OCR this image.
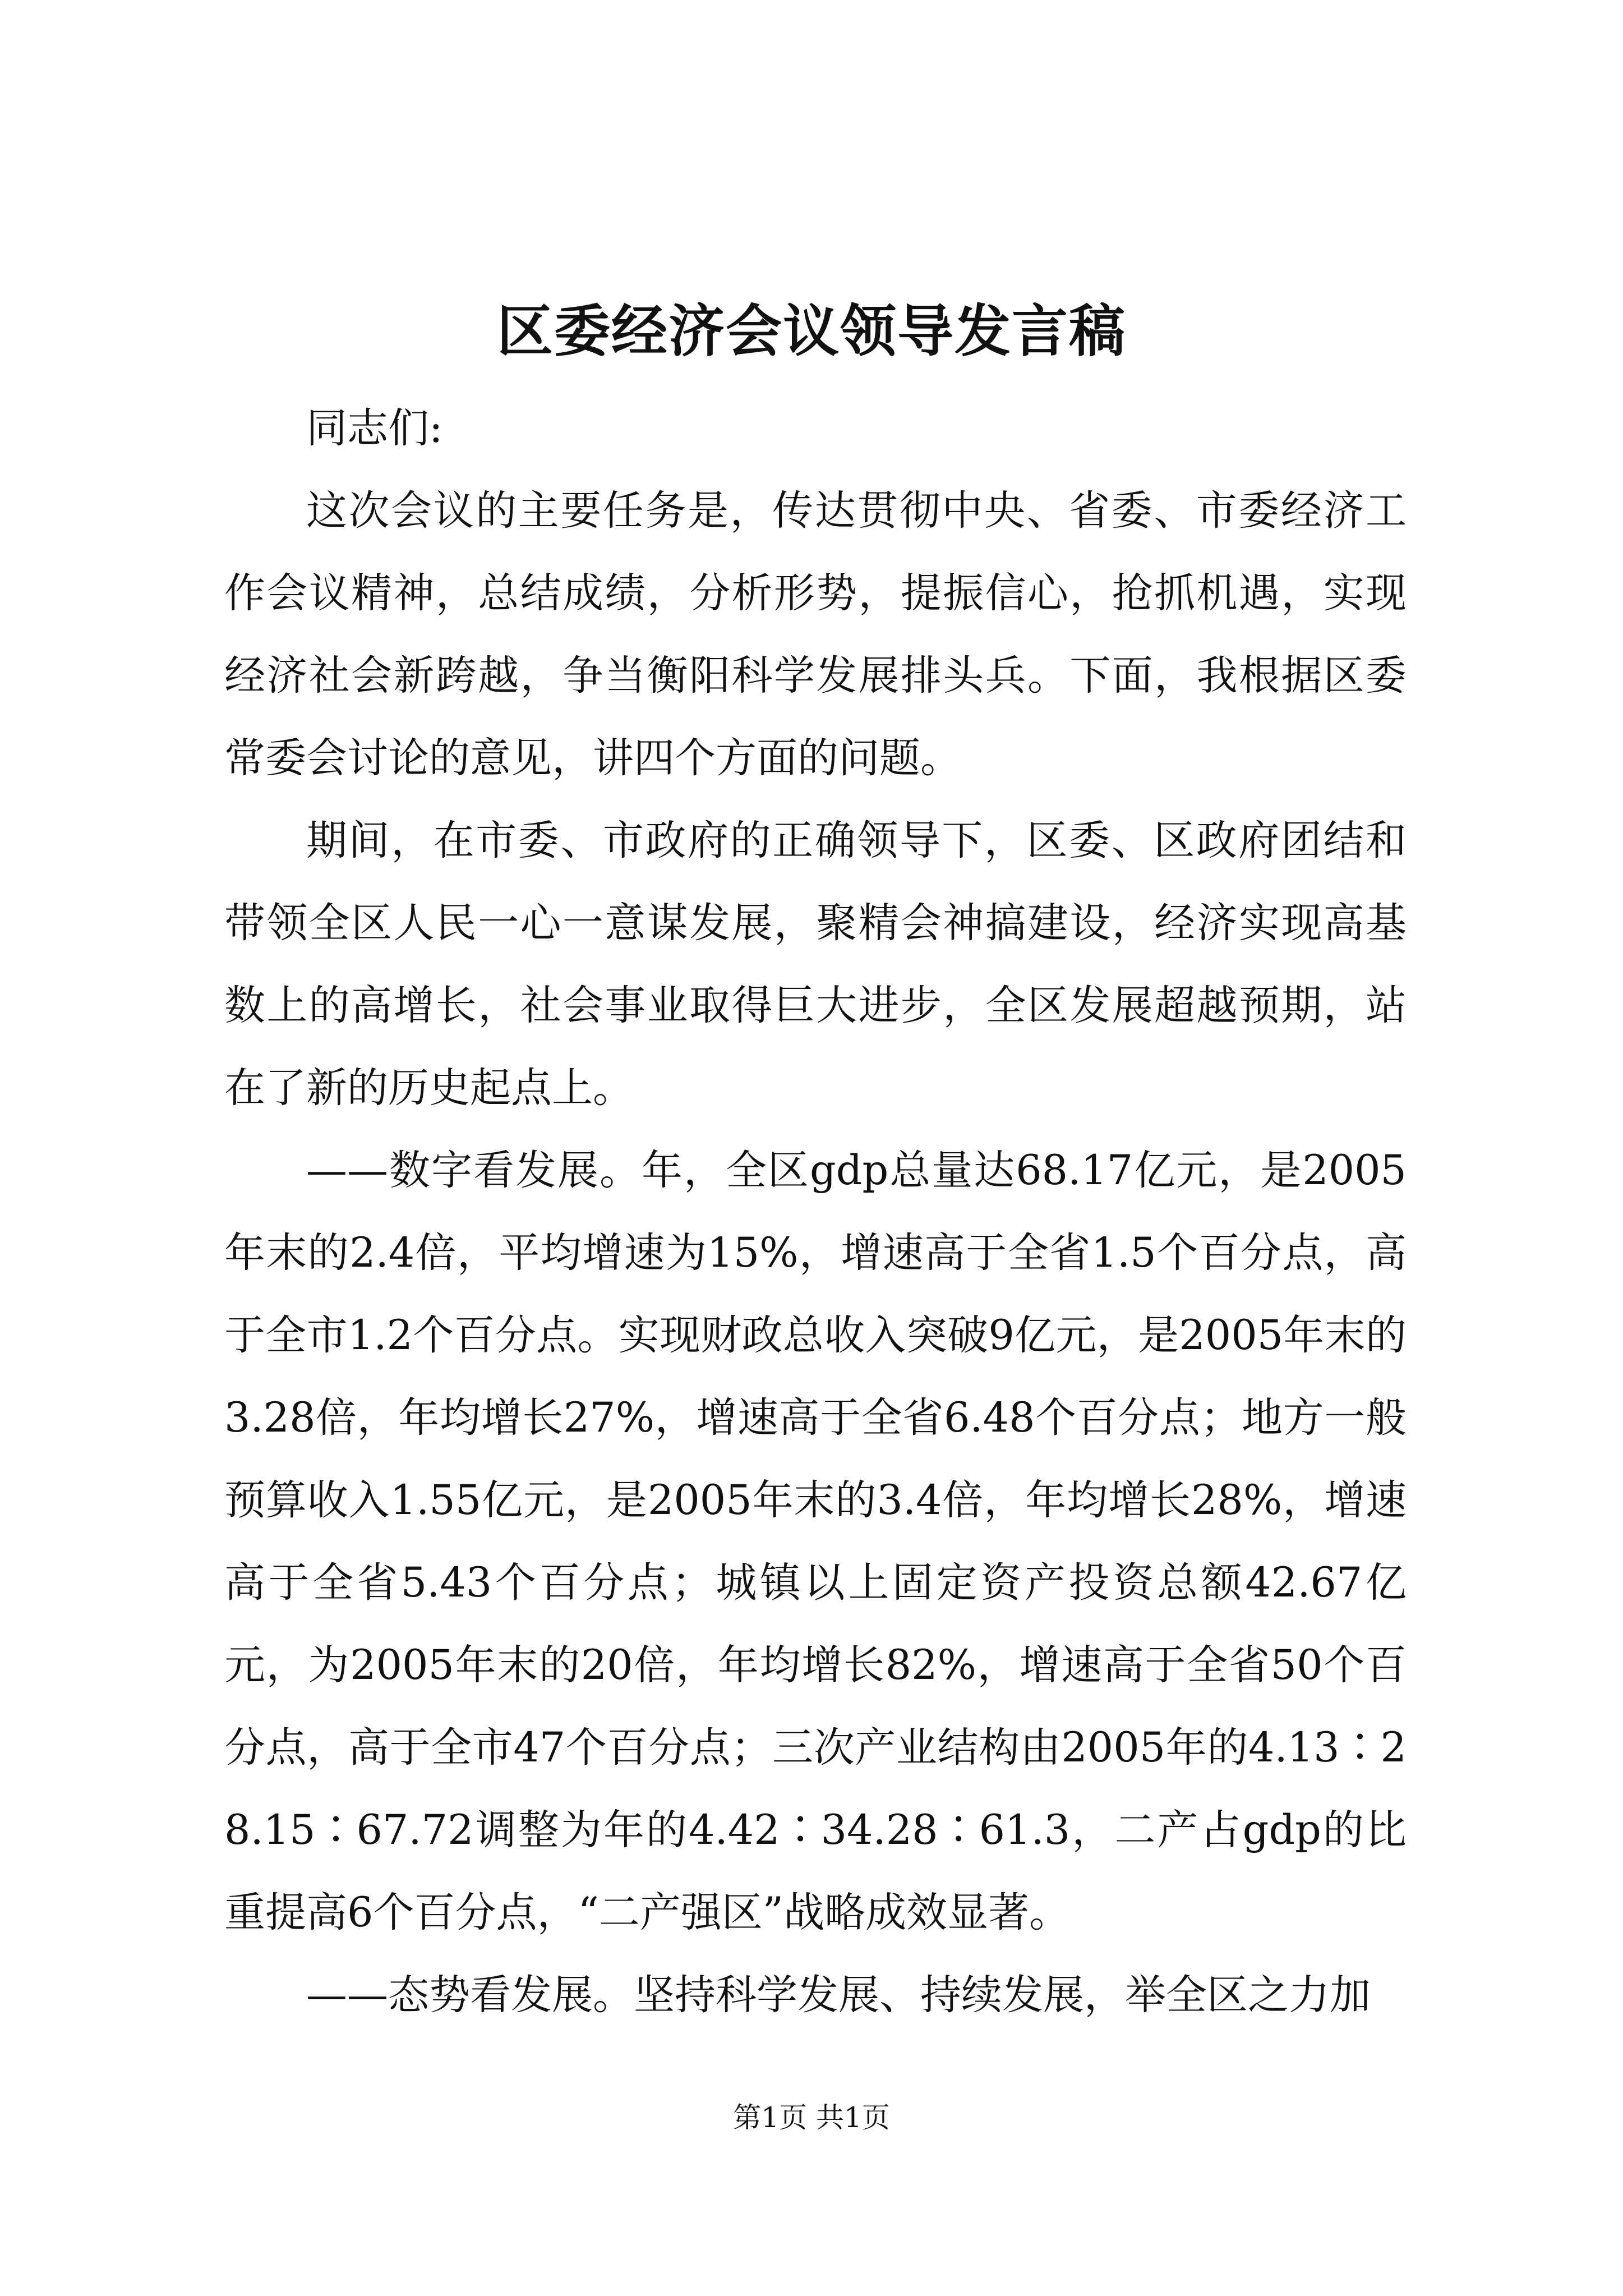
区委经济会议领导发言稿

同志们:

这次会议的主要任务是，传达贯彻中央、省委、市委经济工作会议精神，总结成绩，分析形势，提振信心，抢抓机遇，实现经济社会新跨越，争当衡阳科学发展排头兵。下面，我根据区委常委会讨论的意见，讲四个方面的问题。

期间，在市委、市政府的正确领导下，区委、区政府团结和带领全区人民一心一意谋发展，聚精会神搞建设，经济实现高基数上的高增长，社会事业取得巨大进步，全区发展超越预期，站在了新的历史起点上。

——数字看发展。年，全区gdp总量达68.17亿元，是2005年末的2.4倍，平均增速为15%，增速高于全省1.5个百分点，高于全市1.2个百分点。实现财政总收入突破9亿元，是2005年末的3.28倍，年均增长27%，增速高于全省6.48个百分点；地方一般预算收入1.55亿元，是2005年末的3.4倍，年均增长28%，增速高于全省5.43个百分点；城镇以上固定资产投资总额42.67亿元，为2005年末的20倍，年均增长82%，增速高于全省50个百分点，高于全市47个百分点；三次产业结构由2005年的4.13∶28.15∶67.72调整为年的4.42∶34.28∶61.3，二产占gdp的比重提高6个百分点，“二产强区”战略成效显著。

——态势看发展。坚持科学发展、持续发展，举全区之力加

第1页 共1页
